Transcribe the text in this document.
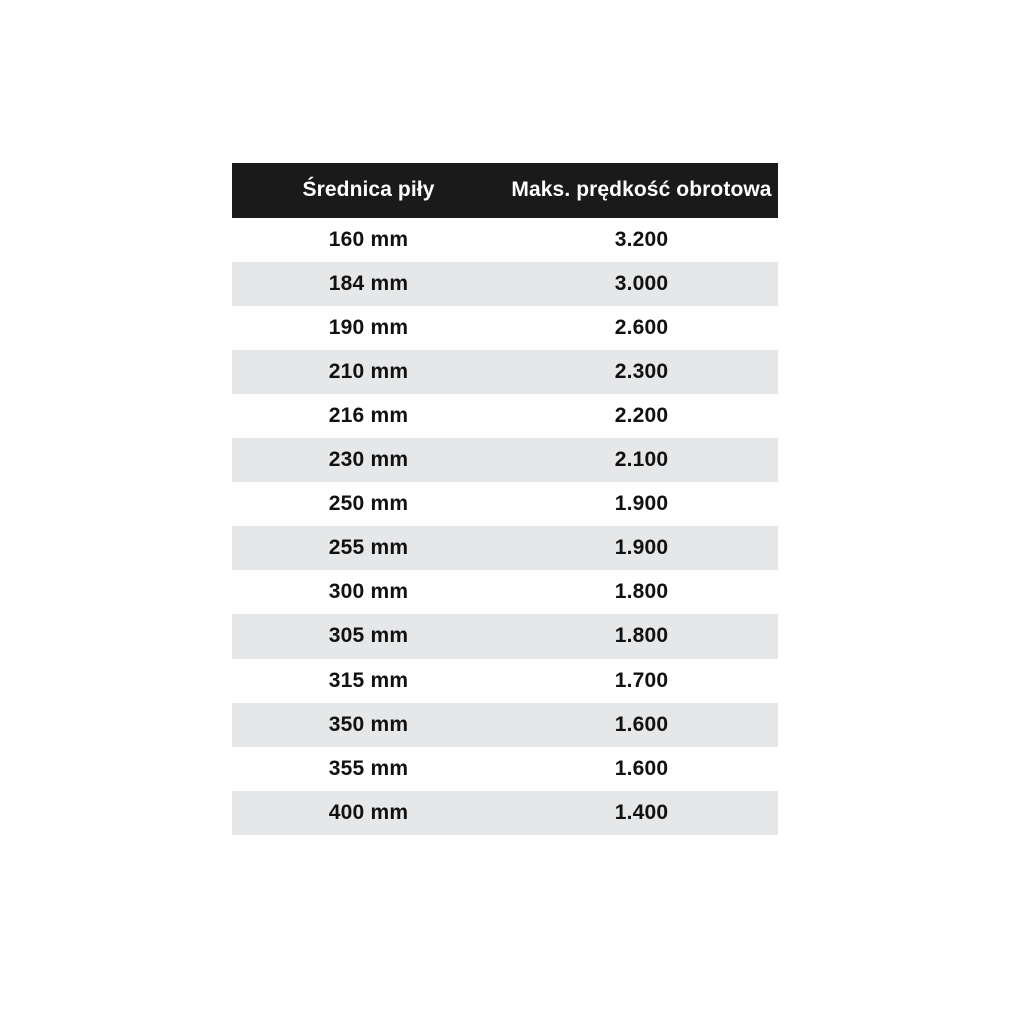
Średnica piły	Maks. prędkość obrotowa
160 mm	3.200
184 mm	3.000
190 mm	2.600
210 mm	2.300
216 mm	2.200
230 mm	2.100
250 mm	1.900
255 mm	1.900
300 mm	1.800
305 mm	1.800
315 mm	1.700
350 mm	1.600
355 mm	1.600
400 mm	1.400
